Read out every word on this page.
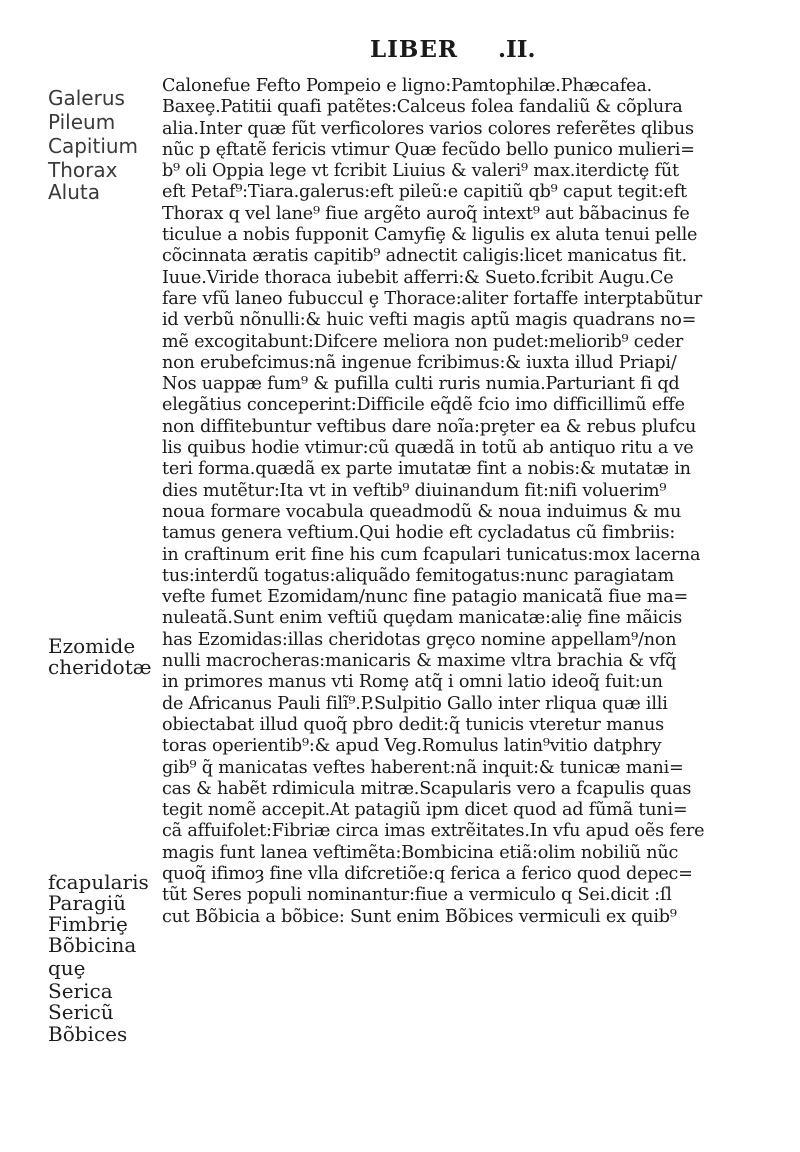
LIBER .II.
Galerus
Pileum
Capitium
Thorax
Aluta
Ezomide
cheridotæ
fcapularis
Paragiũ
Fimbriȩ
Bõbicina
quȩ
Serica
Sericũ
Bõbices
Calonefue Fefto Pompeio e ligno:Pamtophilæ.Phæcafea.
Baxeȩ.Patitii quafi patẽtes:Calceus folea fandaliũ & cõplura
alia.Inter quæ fũt verficolores varios colores referẽtes qlibus
nũc p ęftatẽ fericis vtimur Quæ fecũdo bello punico mulieri=
b⁹ oli Oppia lege vt fcribit Liuius & valeri⁹ max.iterdictȩ fũt
eft Petaf⁹:Tiara.galerus:eft pileũ:e capitiũ qb⁹ caput tegit:eft
Thorax q vel lane⁹ fiue argẽto auroq̃ intext⁹ aut bãbacinus fe
ticulue a nobis fupponit Camyfiȩ & ligulis ex aluta tenui pelle
cõcinnata æratis capitib⁹ adnectit caligis:licet manicatus fit.
Iuue.Viride thoraca iubebit afferri:& Sueto.fcribit Augu.Ce
fare vfũ laneo fubuccul ȩ Thorace:aliter fortaffe interptabũtur
id verbũ nõnulli:& huic vefti magis aptũ magis quadrans no=
mẽ excogitabunt:Difcere meliora non pudet:meliorib⁹ ceder
non erubefcimus:nã ingenue fcribimus:& iuxta illud Priapi/
Nos uappæ fum⁹ & pufilla culti ruris numia.Parturiant fi qd
elegãtius conceperint:Difficile eq̃dẽ fcio imo difficillimũ effe
non diffitebuntur veftibus dare noĩa:prȩter ea & rebus plufcu
lis quibus hodie vtimur:cũ quædã in totũ ab antiquo ritu a ve
teri forma.quædã ex parte imutatæ fint a nobis:& mutatæ in
dies mutẽtur:Ita vt in veftib⁹ diuinandum fit:nifi voluerim⁹
noua formare vocabula queadmodũ & noua induimus & mu
tamus genera veftium.Qui hodie eft cycladatus cũ fimbriis:
in craftinum erit fine his cum fcapulari tunicatus:mox lacerna
tus:interdũ togatus:aliquãdo femitogatus:nunc paragiatam
vefte fumet Ezomidam/nunc fine patagio manicatã fiue ma=
nuleatã.Sunt enim veftiũ quȩdam manicatæ:aliȩ fine mãicis
has Ezomidas:illas cheridotas grȩco nomine appellam⁹/non
nulli macrocheras:manicaris & maxime vltra brachia & vfq̃
in primores manus vti Romȩ atq̃ i omni latio ideoq̃ fuit:un
de Africanus Pauli filĩ⁹.P.Sulpitio Gallo inter rliqua quæ illi
obiectabat illud quoq̃ pbro dedit:q̃ tunicis vteretur manus
toras operientib⁹:& apud Veg.Romulus latin⁹vitio datphry
gib⁹ q̃ manicatas veftes haberent:nã inquit:& tunicæ mani=
cas & habẽt rdimicula mitræ.Scapularis vero a fcapulis quas
tegit nomẽ accepit.At patagiũ ipm dicet quod ad fũmã tuni=
cã affuifolet:Fibriæ circa imas extrẽitates.In vfu apud oẽs fere
magis funt lanea veftimẽta:Bombicina etiã:olim nobiliũ nũc
quoq̃ ifimoȝ fine vlla difcretiõe:q ferica a ferico quod depec=
tũt Seres populi nominantur:fiue a vermiculo q Sei.dicit :ſl
cut Bõbicia a bõbice: Sunt enim Bõbices vermiculi ex quib⁹
